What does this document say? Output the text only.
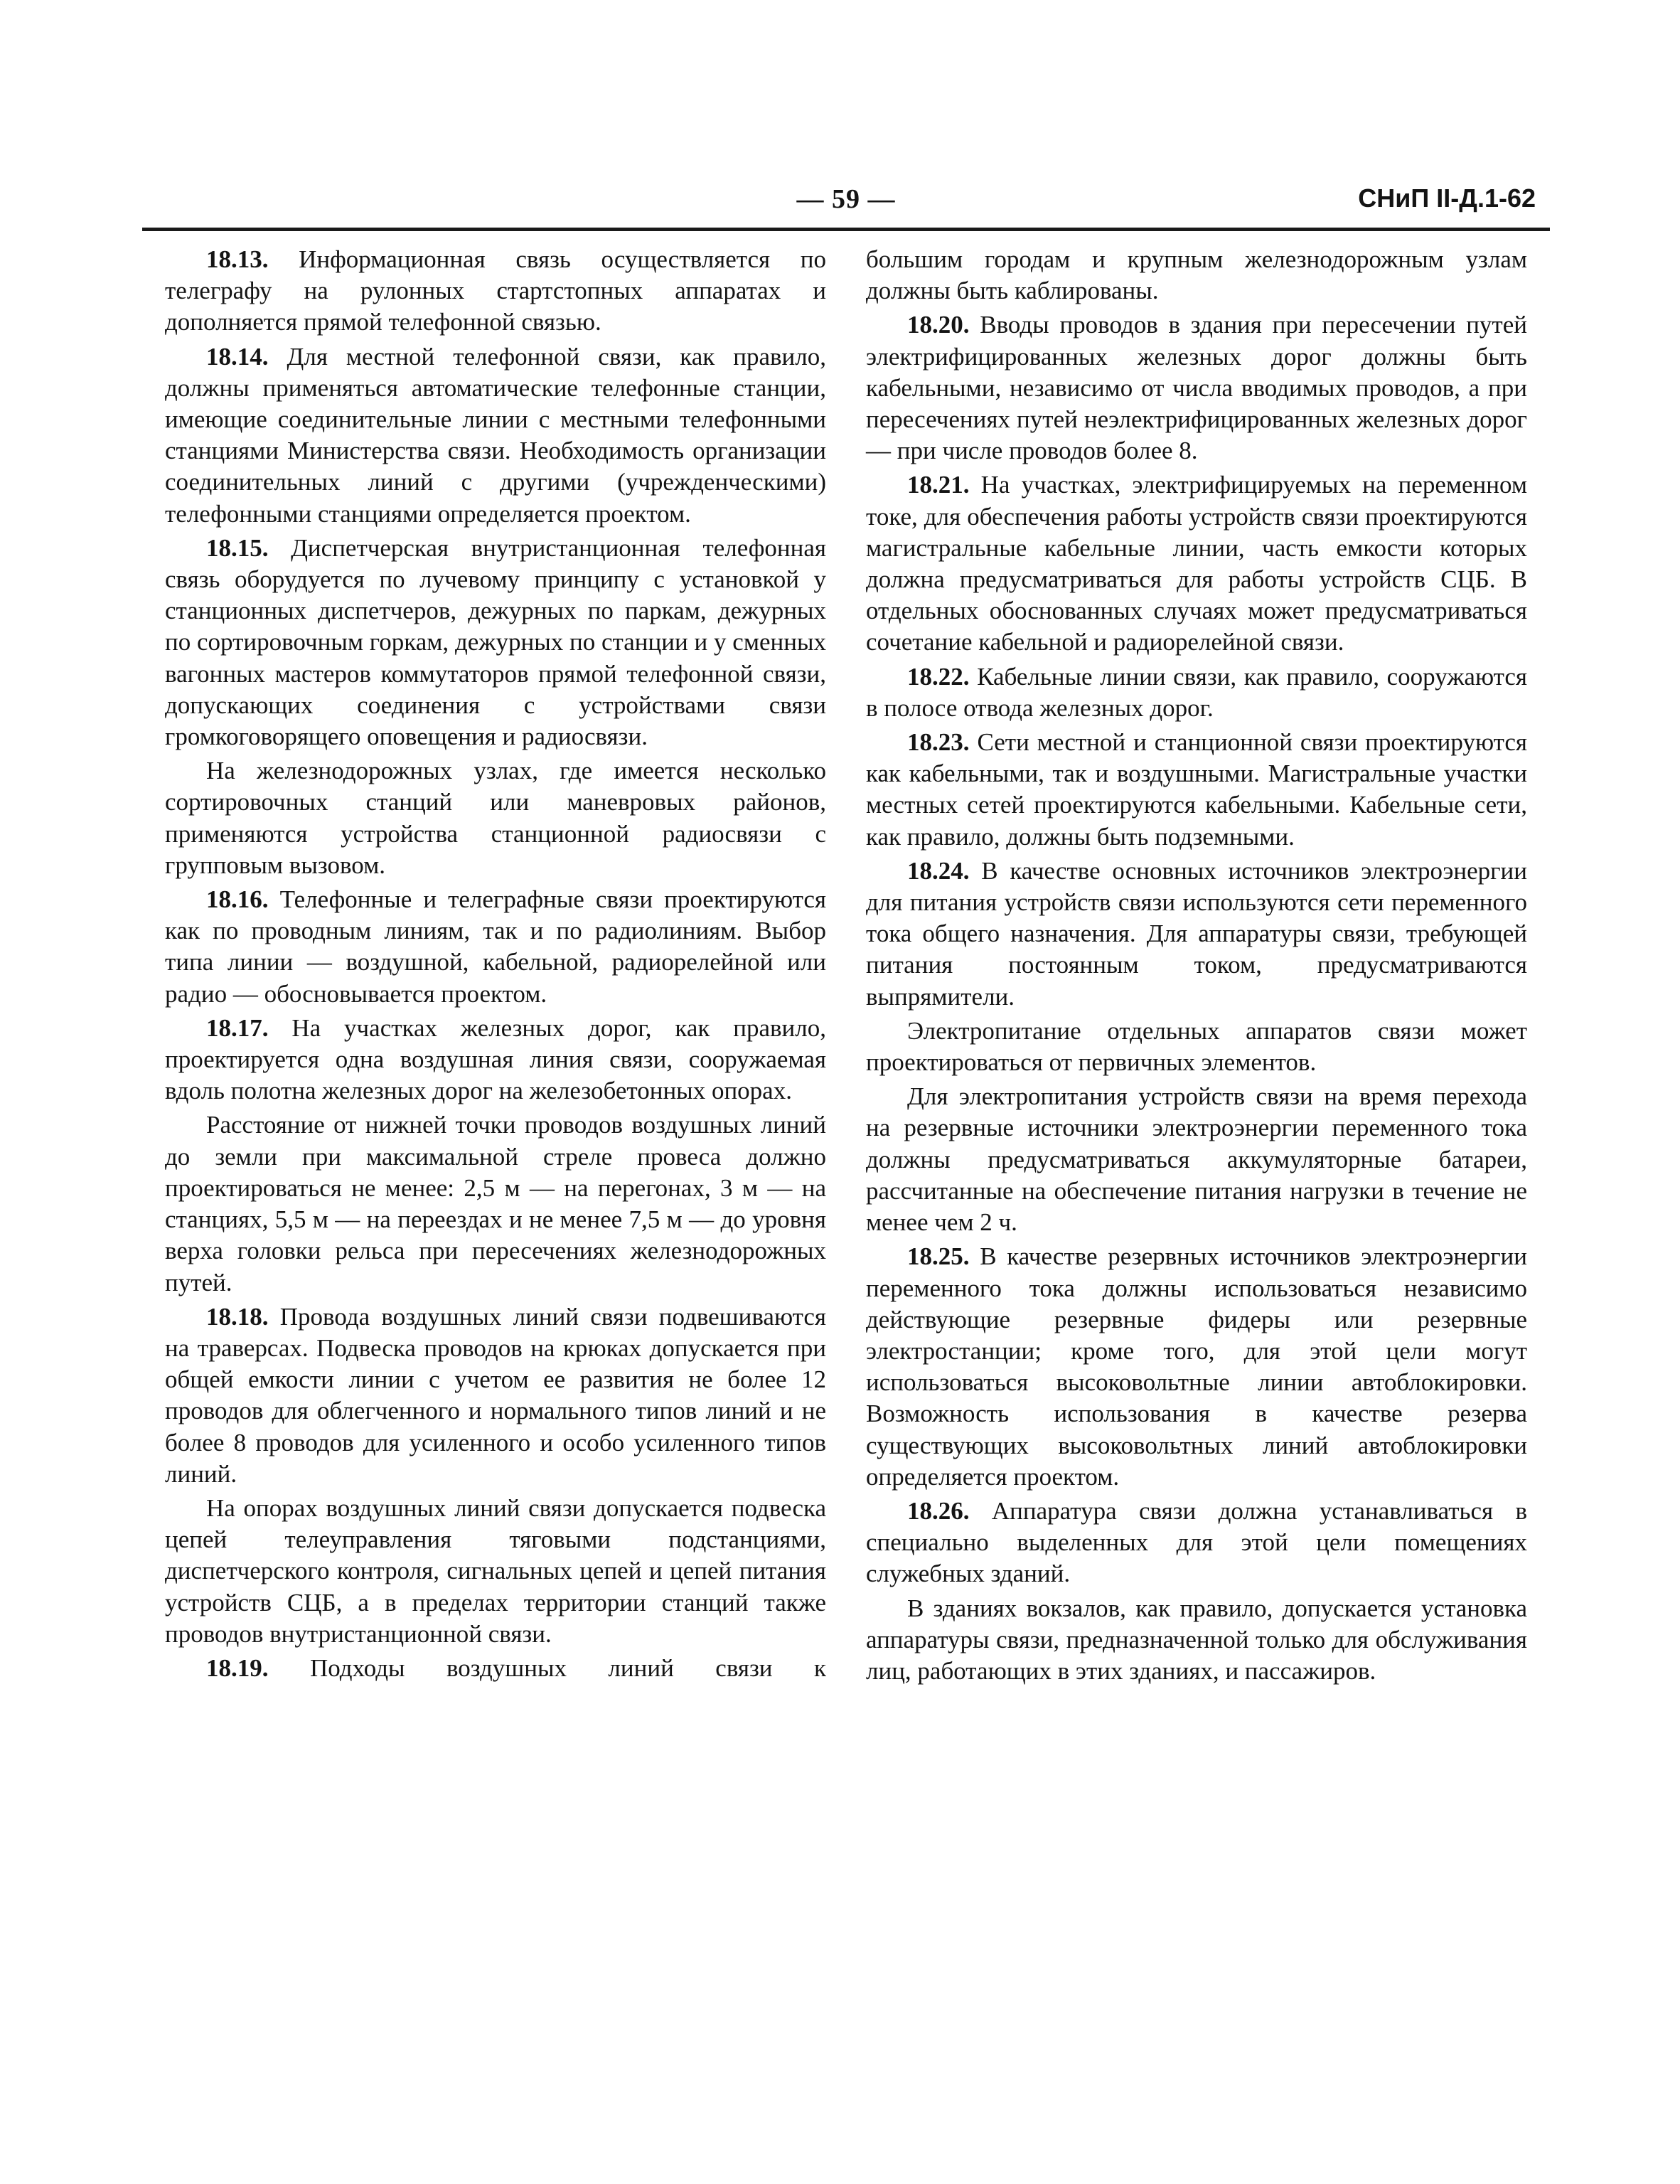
— 59 —	СНиП II-Д.1-62

18.13. Информационная связь осуществляется по телеграфу на рулонных стартстопных аппаратах и дополняется прямой телефонной связью.

18.14. Для местной телефонной связи, как правило, должны применяться автоматические телефонные станции, имеющие соединительные линии с местными телефонными станциями Министерства связи. Необходимость организации соединительных линий с другими (учрежденческими) телефонными станциями определяется проектом.

18.15. Диспетчерская внутристанционная телефонная связь оборудуется по лучевому принципу с установкой у станционных диспетчеров, дежурных по паркам, дежурных по сортировочным горкам, дежурных по станции и у сменных вагонных мастеров коммутаторов прямой телефонной связи, допускающих соединения с устройствами связи громкоговорящего оповещения и радиосвязи.

На железнодорожных узлах, где имеется несколько сортировочных станций или маневровых районов, применяются устройства станционной радиосвязи с групповым вызовом.

18.16. Телефонные и телеграфные связи проектируются как по проводным линиям, так и по радиолиниям. Выбор типа линии — воздушной, кабельной, радиорелейной или радио — обосновывается проектом.

18.17. На участках железных дорог, как правило, проектируется одна воздушная линия связи, сооружаемая вдоль полотна железных дорог на железобетонных опорах.

Расстояние от нижней точки проводов воздушных линий до земли при максимальной стреле провеса должно проектироваться не менее: 2,5 м — на перегонах, 3 м — на станциях, 5,5 м — на переездах и не менее 7,5 м — до уровня верха головки рельса при пересечениях железнодорожных путей.

18.18. Провода воздушных линий связи подвешиваются на траверсах. Подвеска проводов на крюках допускается при общей емкости линии с учетом ее развития не более 12 проводов для облегченного и нормального типов линий и не более 8 проводов для усиленного и особо усиленного типов линий.

На опорах воздушных линий связи допускается подвеска цепей телеуправления тяговыми подстанциями, диспетчерского контроля, сигнальных цепей и цепей питания устройств СЦБ, а в пределах территории станций также проводов внутристанционной связи.

18.19. Подходы воздушных линий связи к

большим городам и крупным железнодорожным узлам должны быть каблированы.

18.20. Вводы проводов в здания при пересечении путей электрифицированных железных дорог должны быть кабельными, независимо от числа вводимых проводов, а при пересечениях путей неэлектрифицированных железных дорог — при числе проводов более 8.

18.21. На участках, электрифицируемых на переменном токе, для обеспечения работы устройств связи проектируются магистральные кабельные линии, часть емкости которых должна предусматриваться для работы устройств СЦБ. В отдельных обоснованных случаях может предусматриваться сочетание кабельной и радиорелейной связи.

18.22. Кабельные линии связи, как правило, сооружаются в полосе отвода железных дорог.

18.23. Сети местной и станционной связи проектируются как кабельными, так и воздушными. Магистральные участки местных сетей проектируются кабельными. Кабельные сети, как правило, должны быть подземными.

18.24. В качестве основных источников электроэнергии для питания устройств связи используются сети переменного тока общего назначения. Для аппаратуры связи, требующей питания постоянным током, предусматриваются выпрямители.

Электропитание отдельных аппаратов связи может проектироваться от первичных элементов.

Для электропитания устройств связи на время перехода на резервные источники электроэнергии переменного тока должны предусматриваться аккумуляторные батареи, рассчитанные на обеспечение питания нагрузки в течение не менее чем 2 ч.

18.25. В качестве резервных источников электроэнергии переменного тока должны использоваться независимо действующие резервные фидеры или резервные электростанции; кроме того, для этой цели могут использоваться высоковольтные линии автоблокировки. Возможность использования в качестве резерва существующих высоковольтных линий автоблокировки определяется проектом.

18.26. Аппаратура связи должна устанавливаться в специально выделенных для этой цели помещениях служебных зданий.

В зданиях вокзалов, как правило, допускается установка аппаратуры связи, предназначенной только для обслуживания лиц, работающих в этих зданиях, и пассажиров.
